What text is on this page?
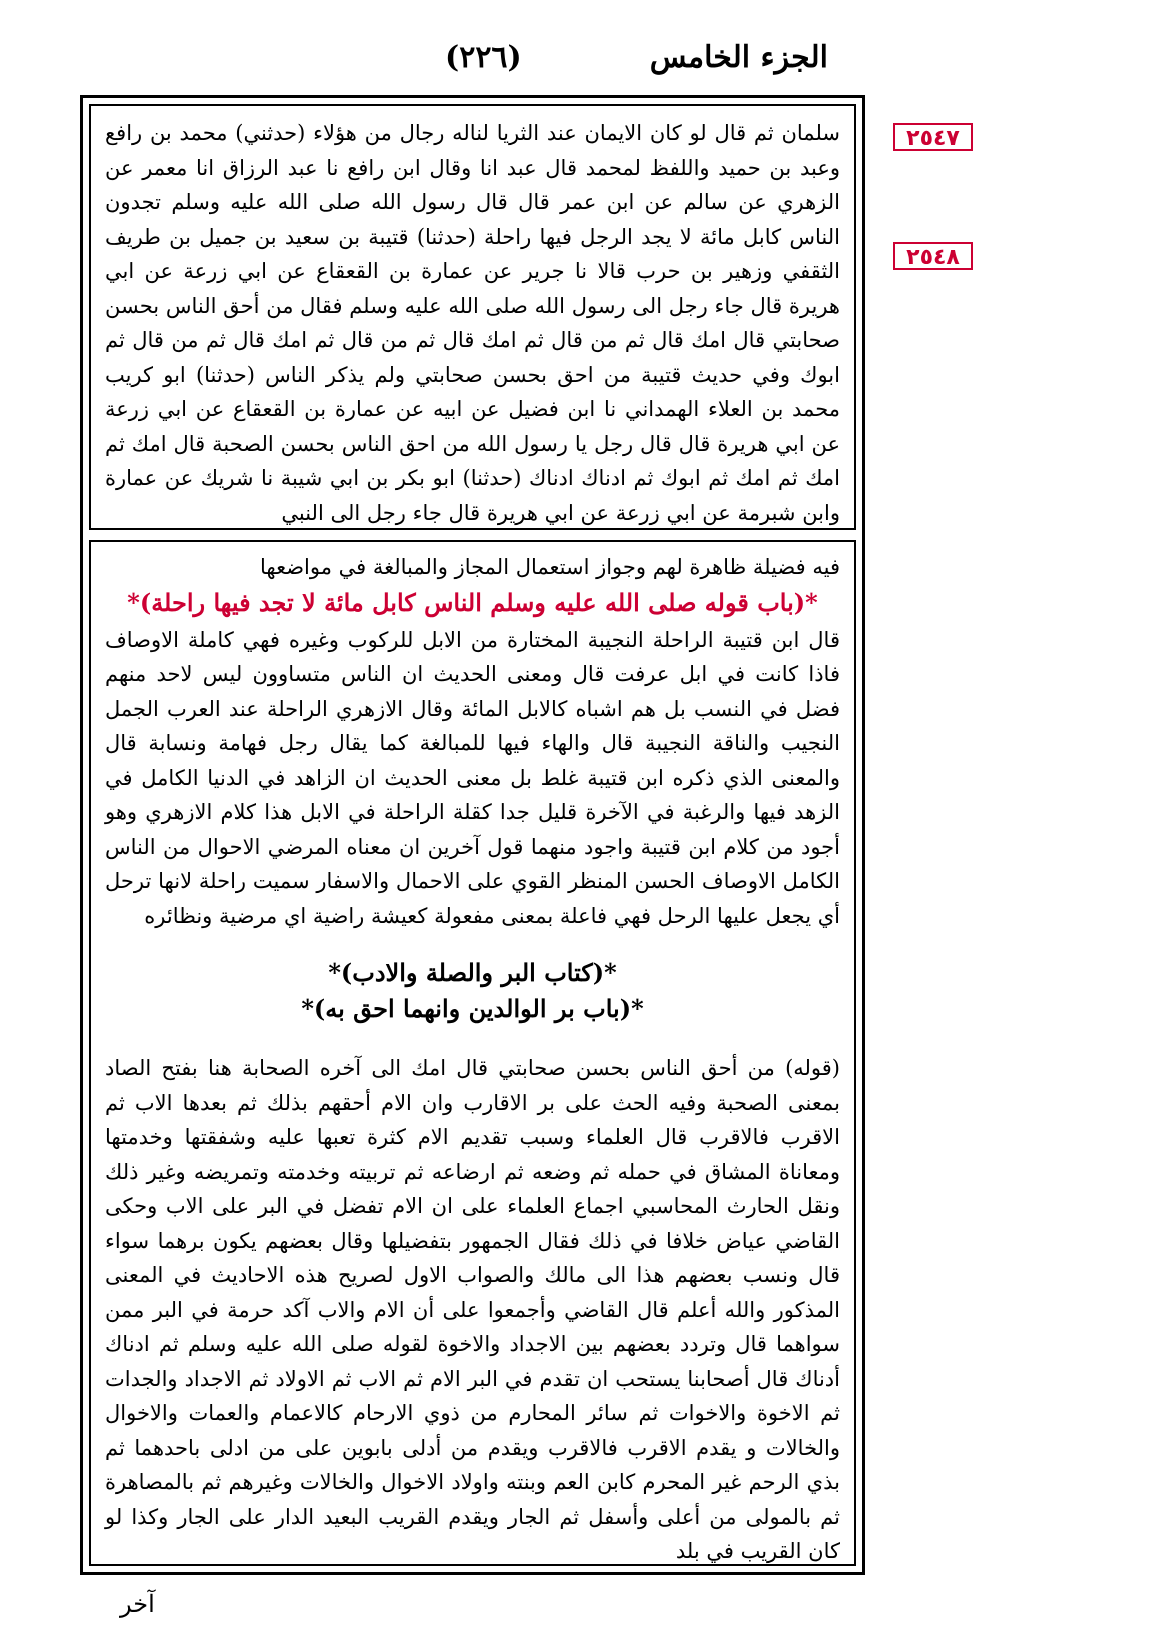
الجزء الخامس
(٢٢٦)
٢٥٤٧
٢٥٤٨

سلمان ثم قال لو كان الايمان عند الثريا لناله رجال من هؤلاء (حدثني) محمد بن رافع وعبد بن حميد واللفظ لمحمد قال عبد انا وقال ابن رافع نا عبد الرزاق انا معمر عن الزهري عن سالم عن ابن عمر قال قال رسول الله صلى الله عليه وسلم تجدون الناس كابل مائة لا يجد الرجل فيها راحلة (حدثنا) قتيبة بن سعيد بن جميل بن طريف الثقفي وزهير بن حرب قالا نا جرير عن عمارة بن القعقاع عن ابي زرعة عن ابي هريرة قال جاء رجل الى رسول الله صلى الله عليه وسلم فقال من أحق الناس بحسن صحابتي قال امك قال ثم من قال ثم امك قال ثم من قال ثم امك قال ثم من قال ثم ابوك وفي حديث قتيبة من احق بحسن صحابتي ولم يذكر الناس (حدثنا) ابو كريب محمد بن العلاء الهمداني نا ابن فضيل عن ابيه عن عمارة بن القعقاع عن ابي زرعة عن ابي هريرة قال قال رجل يا رسول الله من احق الناس بحسن الصحبة قال امك ثم امك ثم امك ثم ابوك ثم ادناك ادناك (حدثنا) ابو بكر بن ابي شيبة نا شريك عن عمارة وابن شبرمة عن ابي زرعة عن ابي هريرة قال جاء رجل الى النبي

فيه فضيلة ظاهرة لهم وجواز استعمال المجاز والمبالغة في مواضعها

*(باب قوله صلى الله عليه وسلم الناس كابل مائة لا تجد فيها راحلة)*

قال ابن قتيبة الراحلة النجيبة المختارة من الابل للركوب وغيره فهي كاملة الاوصاف فاذا كانت في ابل عرفت قال ومعنى الحديث ان الناس متساوون ليس لاحد منهم فضل في النسب بل هم اشباه كالابل المائة وقال الازهري الراحلة عند العرب الجمل النجيب والناقة النجيبة قال والهاء فيها للمبالغة كما يقال رجل فهامة ونسابة قال والمعنى الذي ذكره ابن قتيبة غلط بل معنى الحديث ان الزاهد في الدنيا الكامل في الزهد فيها والرغبة في الآخرة قليل جدا كقلة الراحلة في الابل هذا كلام الازهري وهو أجود من كلام ابن قتيبة واجود منهما قول آخرين ان معناه المرضي الاحوال من الناس الكامل الاوصاف الحسن المنظر القوي على الاحمال والاسفار سميت راحلة لانها ترحل أي يجعل عليها الرحل فهي فاعلة بمعنى مفعولة كعيشة راضية اي مرضية ونظائره

*(كتاب البر والصلة والادب)*

*(باب بر الوالدين وانهما احق به)*

(قوله) من أحق الناس بحسن صحابتي قال امك الى آخره الصحابة هنا بفتح الصاد بمعنى الصحبة وفيه الحث على بر الاقارب وان الام أحقهم بذلك ثم بعدها الاب ثم الاقرب فالاقرب قال العلماء وسبب تقديم الام كثرة تعبها عليه وشفقتها وخدمتها ومعاناة المشاق في حمله ثم وضعه ثم ارضاعه ثم تربيته وخدمته وتمريضه وغير ذلك ونقل الحارث المحاسبي اجماع العلماء على ان الام تفضل في البر على الاب وحكى القاضي عياض خلافا في ذلك فقال الجمهور بتفضيلها وقال بعضهم يكون برهما سواء قال ونسب بعضهم هذا الى مالك والصواب الاول لصريح هذه الاحاديث في المعنى المذكور والله أعلم قال القاضي وأجمعوا على أن الام والاب آكد حرمة في البر ممن سواهما قال وتردد بعضهم بين الاجداد والاخوة لقوله صلى الله عليه وسلم ثم ادناك أدناك قال أصحابنا يستحب ان تقدم في البر الام ثم الاب ثم الاولاد ثم الاجداد والجدات ثم الاخوة والاخوات ثم سائر المحارم من ذوي الارحام كالاعمام والعمات والاخوال والخالات و يقدم الاقرب فالاقرب ويقدم من أدلى بابوين على من ادلى باحدهما ثم بذي الرحم غير المحرم كابن العم وبنته واولاد الاخوال والخالات وغيرهم ثم بالمصاهرة ثم بالمولى من أعلى وأسفل ثم الجار ويقدم القريب البعيد الدار على الجار وكذا لو كان القريب في بلد

آخر
